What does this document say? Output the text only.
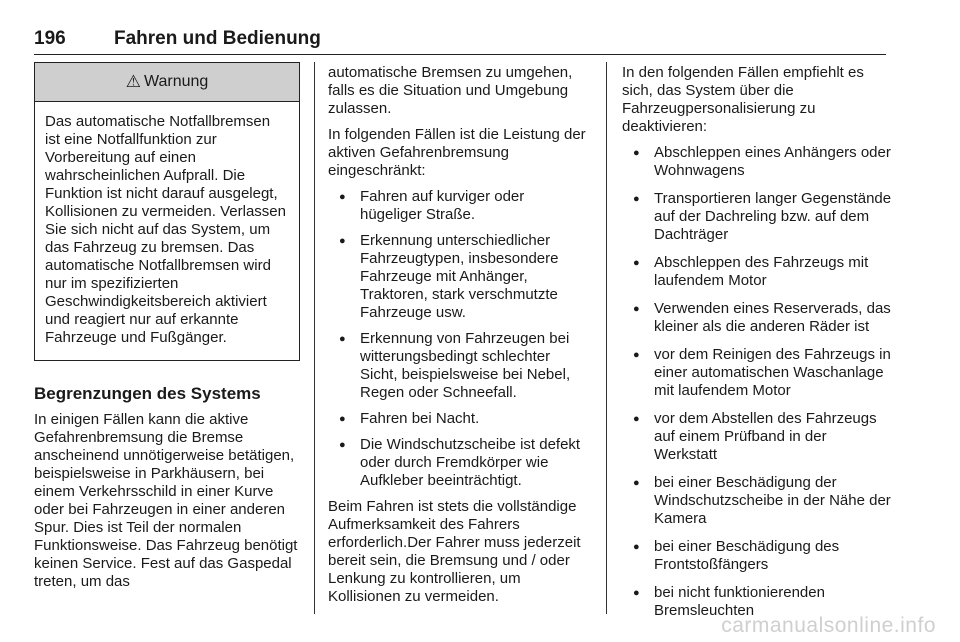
196	Fahren und Bedienung
⚠ Warnung
Das automatische Notfallbremsen ist eine Notfallfunktion zur Vorbereitung auf einen wahrscheinlichen Aufprall. Die Funktion ist nicht darauf ausgelegt, Kollisionen zu vermeiden. Verlassen Sie sich nicht auf das System, um das Fahrzeug zu bremsen. Das automatische Notfallbremsen wird nur im spezifizierten Geschwindigkeitsbereich aktiviert und reagiert nur auf erkannte Fahrzeuge und Fußgänger.
Begrenzungen des Systems

In einigen Fällen kann die aktive Gefahrenbremsung die Bremse anscheinend unnötigerweise betätigen, beispielsweise in Parkhäusern, bei einem Verkehrsschild in einer Kurve oder bei Fahrzeugen in einer anderen Spur. Dies ist Teil der normalen Funktionsweise. Das Fahrzeug benötigt keinen Service. Fest auf das Gaspedal treten, um das

automatische Bremsen zu umgehen, falls es die Situation und Umgebung zulassen.

In folgenden Fällen ist die Leistung der aktiven Gefahrenbremsung eingeschränkt:

● Fahren auf kurviger oder hügeliger Straße.
● Erkennung unterschiedlicher Fahrzeugtypen, insbesondere Fahrzeuge mit Anhänger, Traktoren, stark verschmutzte Fahrzeuge usw.
● Erkennung von Fahrzeugen bei witterungsbedingt schlechter Sicht, beispielsweise bei Nebel, Regen oder Schneefall.
● Fahren bei Nacht.
● Die Windschutzscheibe ist defekt oder durch Fremdkörper wie Aufkleber beeinträchtigt.

Beim Fahren ist stets die vollständige Aufmerksamkeit des Fahrers erforderlich.Der Fahrer muss jederzeit bereit sein, die Bremsung und / oder Lenkung zu kontrollieren, um Kollisionen zu vermeiden.

In den folgenden Fällen empfiehlt es sich, das System über die Fahrzeugpersonalisierung zu deaktivieren:

● Abschleppen eines Anhängers oder Wohnwagens
● Transportieren langer Gegenstände auf der Dachreling bzw. auf dem Dachträger
● Abschleppen des Fahrzeugs mit laufendem Motor
● Verwenden eines Reserverads, das kleiner als die anderen Räder ist
● vor dem Reinigen des Fahrzeugs in einer automatischen Waschanlage mit laufendem Motor
● vor dem Abstellen des Fahrzeugs auf einem Prüfband in der Werkstatt
● bei einer Beschädigung der Windschutzscheibe in der Nähe der Kamera
● bei einer Beschädigung des Frontstoßfängers
● bei nicht funktionierenden Bremsleuchten
carmanualsonline.info
